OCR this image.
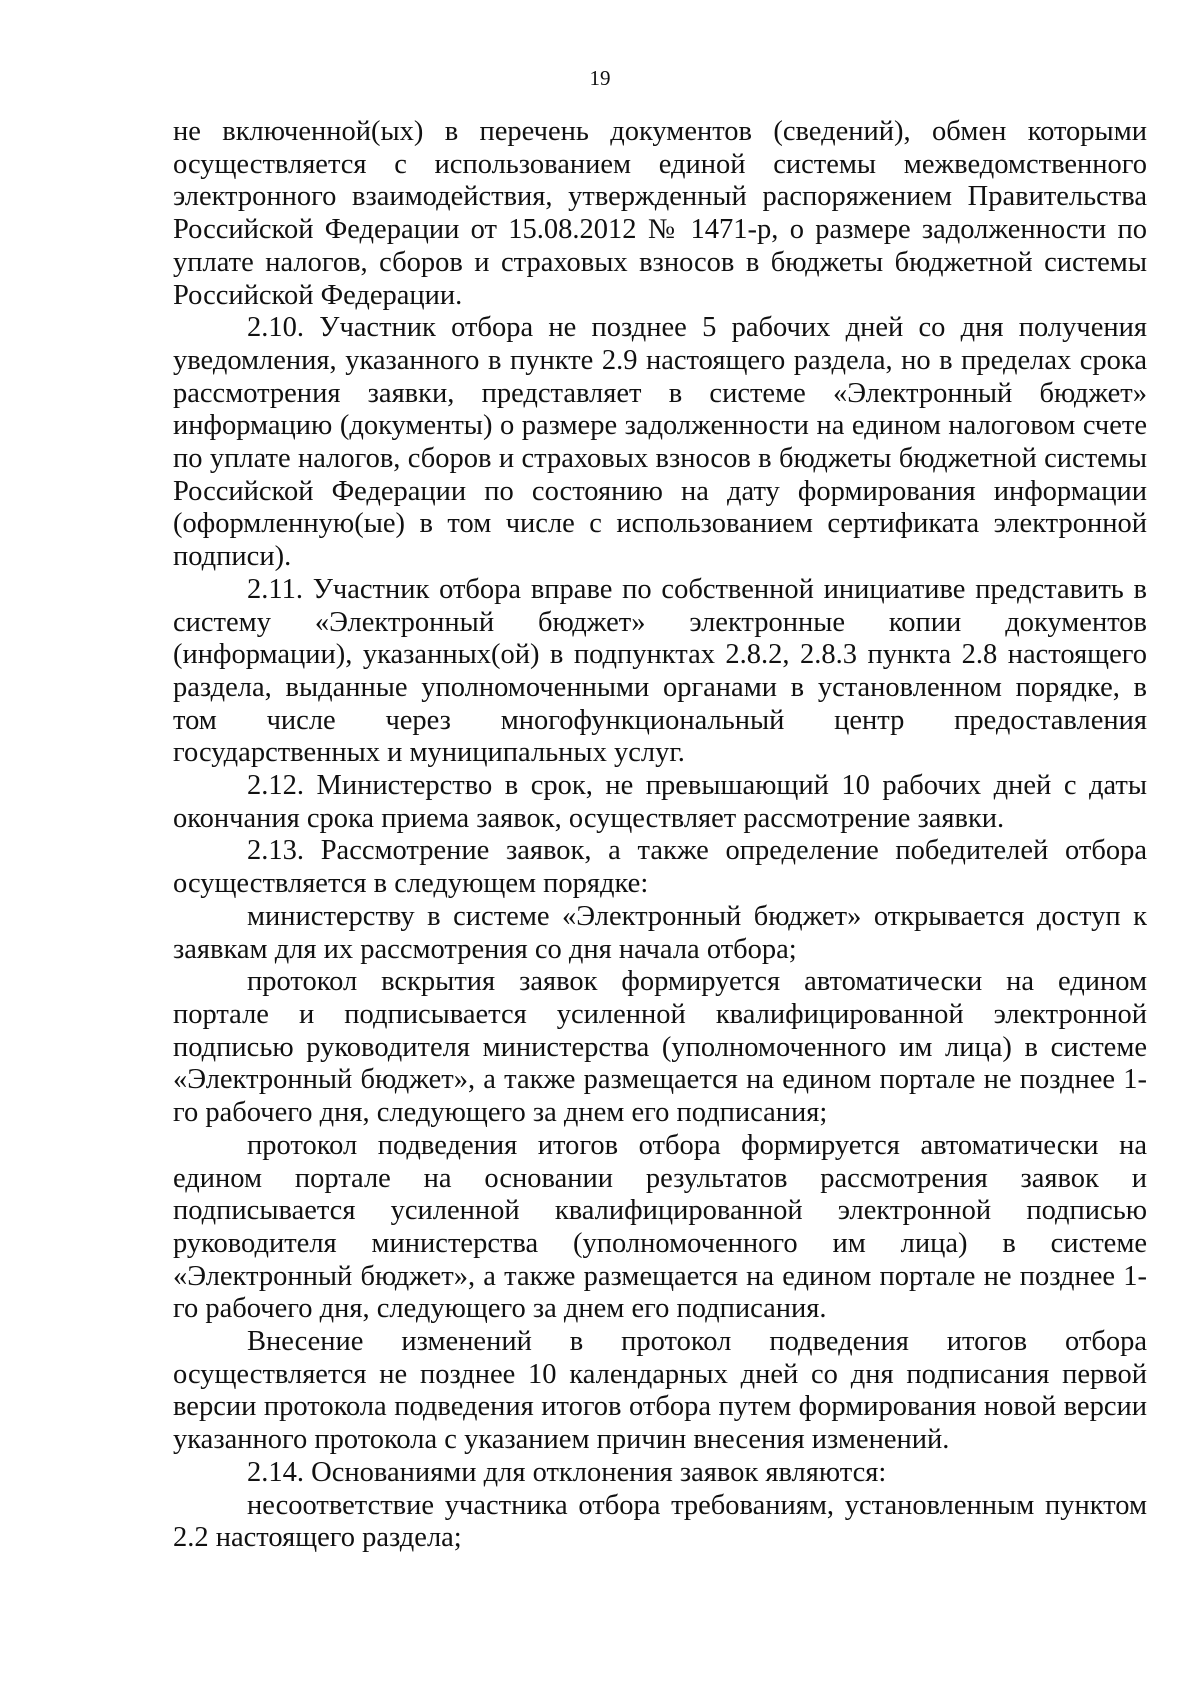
19

не включенной(ых) в перечень документов (сведений), обмен которыми осуществляется с использованием единой системы межведомственного электронного взаимодействия, утвержденный распоряжением Правительства Российской Федерации от 15.08.2012 № 1471-р, о размере задолженности по уплате налогов, сборов и страховых взносов в бюджеты бюджетной системы Российской Федерации.

2.10. Участник отбора не позднее 5 рабочих дней со дня получения уведомления, указанного в пункте 2.9 настоящего раздела, но в пределах срока рассмотрения заявки, представляет в системе «Электронный бюджет» информацию (документы) о размере задолженности на едином налоговом счете по уплате налогов, сборов и страховых взносов в бюджеты бюджетной системы Российской Федерации по состоянию на дату формирования информации (оформленную(ые) в том числе с использованием сертификата электронной подписи).

2.11. Участник отбора вправе по собственной инициативе представить в систему «Электронный бюджет» электронные копии документов (информации), указанных(ой) в подпунктах 2.8.2, 2.8.3 пункта 2.8 настоящего раздела, выданные уполномоченными органами в установленном порядке, в том числе через многофункциональный центр предоставления государственных и муниципальных услуг.

2.12. Министерство в срок, не превышающий 10 рабочих дней с даты окончания срока приема заявок, осуществляет рассмотрение заявки.

2.13. Рассмотрение заявок, а также определение победителей отбора осуществляется в следующем порядке:

министерству в системе «Электронный бюджет» открывается доступ к заявкам для их рассмотрения со дня начала отбора;

протокол вскрытия заявок формируется автоматически на едином портале и подписывается усиленной квалифицированной электронной подписью руководителя министерства (уполномоченного им лица) в системе «Электронный бюджет», а также размещается на едином портале не позднее 1-го рабочего дня, следующего за днем его подписания;

протокол подведения итогов отбора формируется автоматически на едином портале на основании результатов рассмотрения заявок и подписывается усиленной квалифицированной электронной подписью руководителя министерства (уполномоченного им лица) в системе «Электронный бюджет», а также размещается на едином портале не позднее 1-го рабочего дня, следующего за днем его подписания.

Внесение изменений в протокол подведения итогов отбора осуществляется не позднее 10 календарных дней со дня подписания первой версии протокола подведения итогов отбора путем формирования новой версии указанного протокола с указанием причин внесения изменений.

2.14. Основаниями для отклонения заявок являются:

несоответствие участника отбора требованиям, установленным пунктом 2.2 настоящего раздела;
